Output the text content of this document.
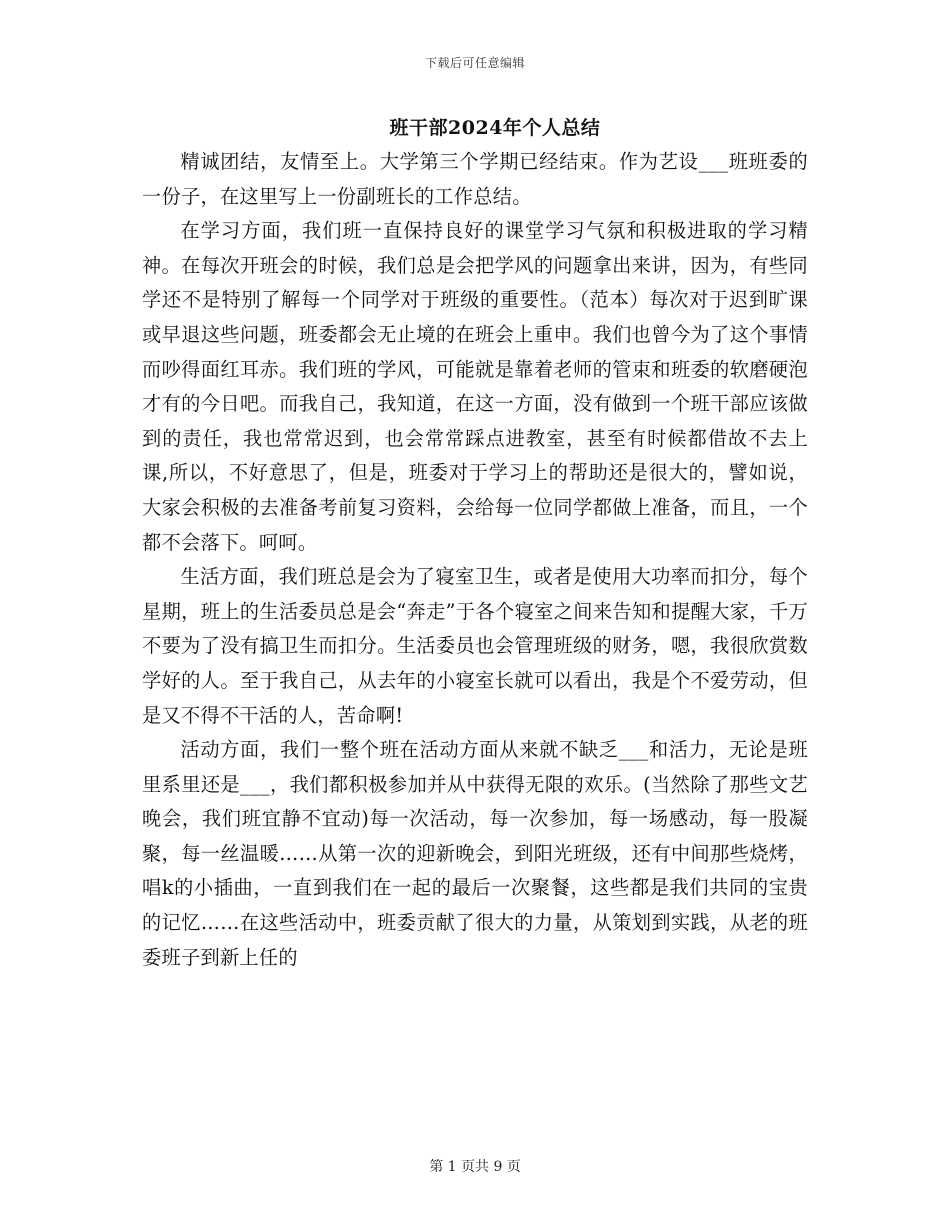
下载后可任意编辑
班干部2024年个人总结

精诚团结，友情至上。大学第三个学期已经结束。作为艺设___班班委的一份子，在这里写上一份副班长的工作总结。

在学习方面，我们班一直保持良好的课堂学习气氛和积极进取的学习精神。在每次开班会的时候，我们总是会把学风的问题拿出来讲，因为，有些同学还不是特别了解每一个同学对于班级的重要性。（范本）每次对于迟到旷课或早退这些问题，班委都会无止境的在班会上重申。我们也曾今为了这个事情而吵得面红耳赤。我们班的学风，可能就是靠着老师的管束和班委的软磨硬泡才有的今日吧。而我自己，我知道，在这一方面，没有做到一个班干部应该做到的责任，我也常常迟到，也会常常踩点进教室，甚至有时候都借故不去上课,所以，不好意思了，但是，班委对于学习上的帮助还是很大的，譬如说，大家会积极的去准备考前复习资料，会给每一位同学都做上准备，而且，一个都不会落下。呵呵。

生活方面，我们班总是会为了寝室卫生，或者是使用大功率而扣分，每个星期，班上的生活委员总是会“奔走”于各个寝室之间来告知和提醒大家，千万不要为了没有搞卫生而扣分。生活委员也会管理班级的财务，嗯，我很欣赏数学好的人。至于我自己，从去年的小寝室长就可以看出，我是个不爱劳动，但是又不得不干活的人，苦命啊!

活动方面，我们一整个班在活动方面从来就不缺乏___和活力，无论是班里系里还是___，我们都积极参加并从中获得无限的欢乐。(当然除了那些文艺晚会，我们班宜静不宜动)每一次活动，每一次参加，每一场感动，每一股凝聚，每一丝温暖……从第一次的迎新晚会，到阳光班级，还有中间那些烧烤，唱k的小插曲，一直到我们在一起的最后一次聚餐，这些都是我们共同的宝贵的记忆……在这些活动中，班委贡献了很大的力量，从策划到实践，从老的班委班子到新上任的

第 1 页共 9 页
